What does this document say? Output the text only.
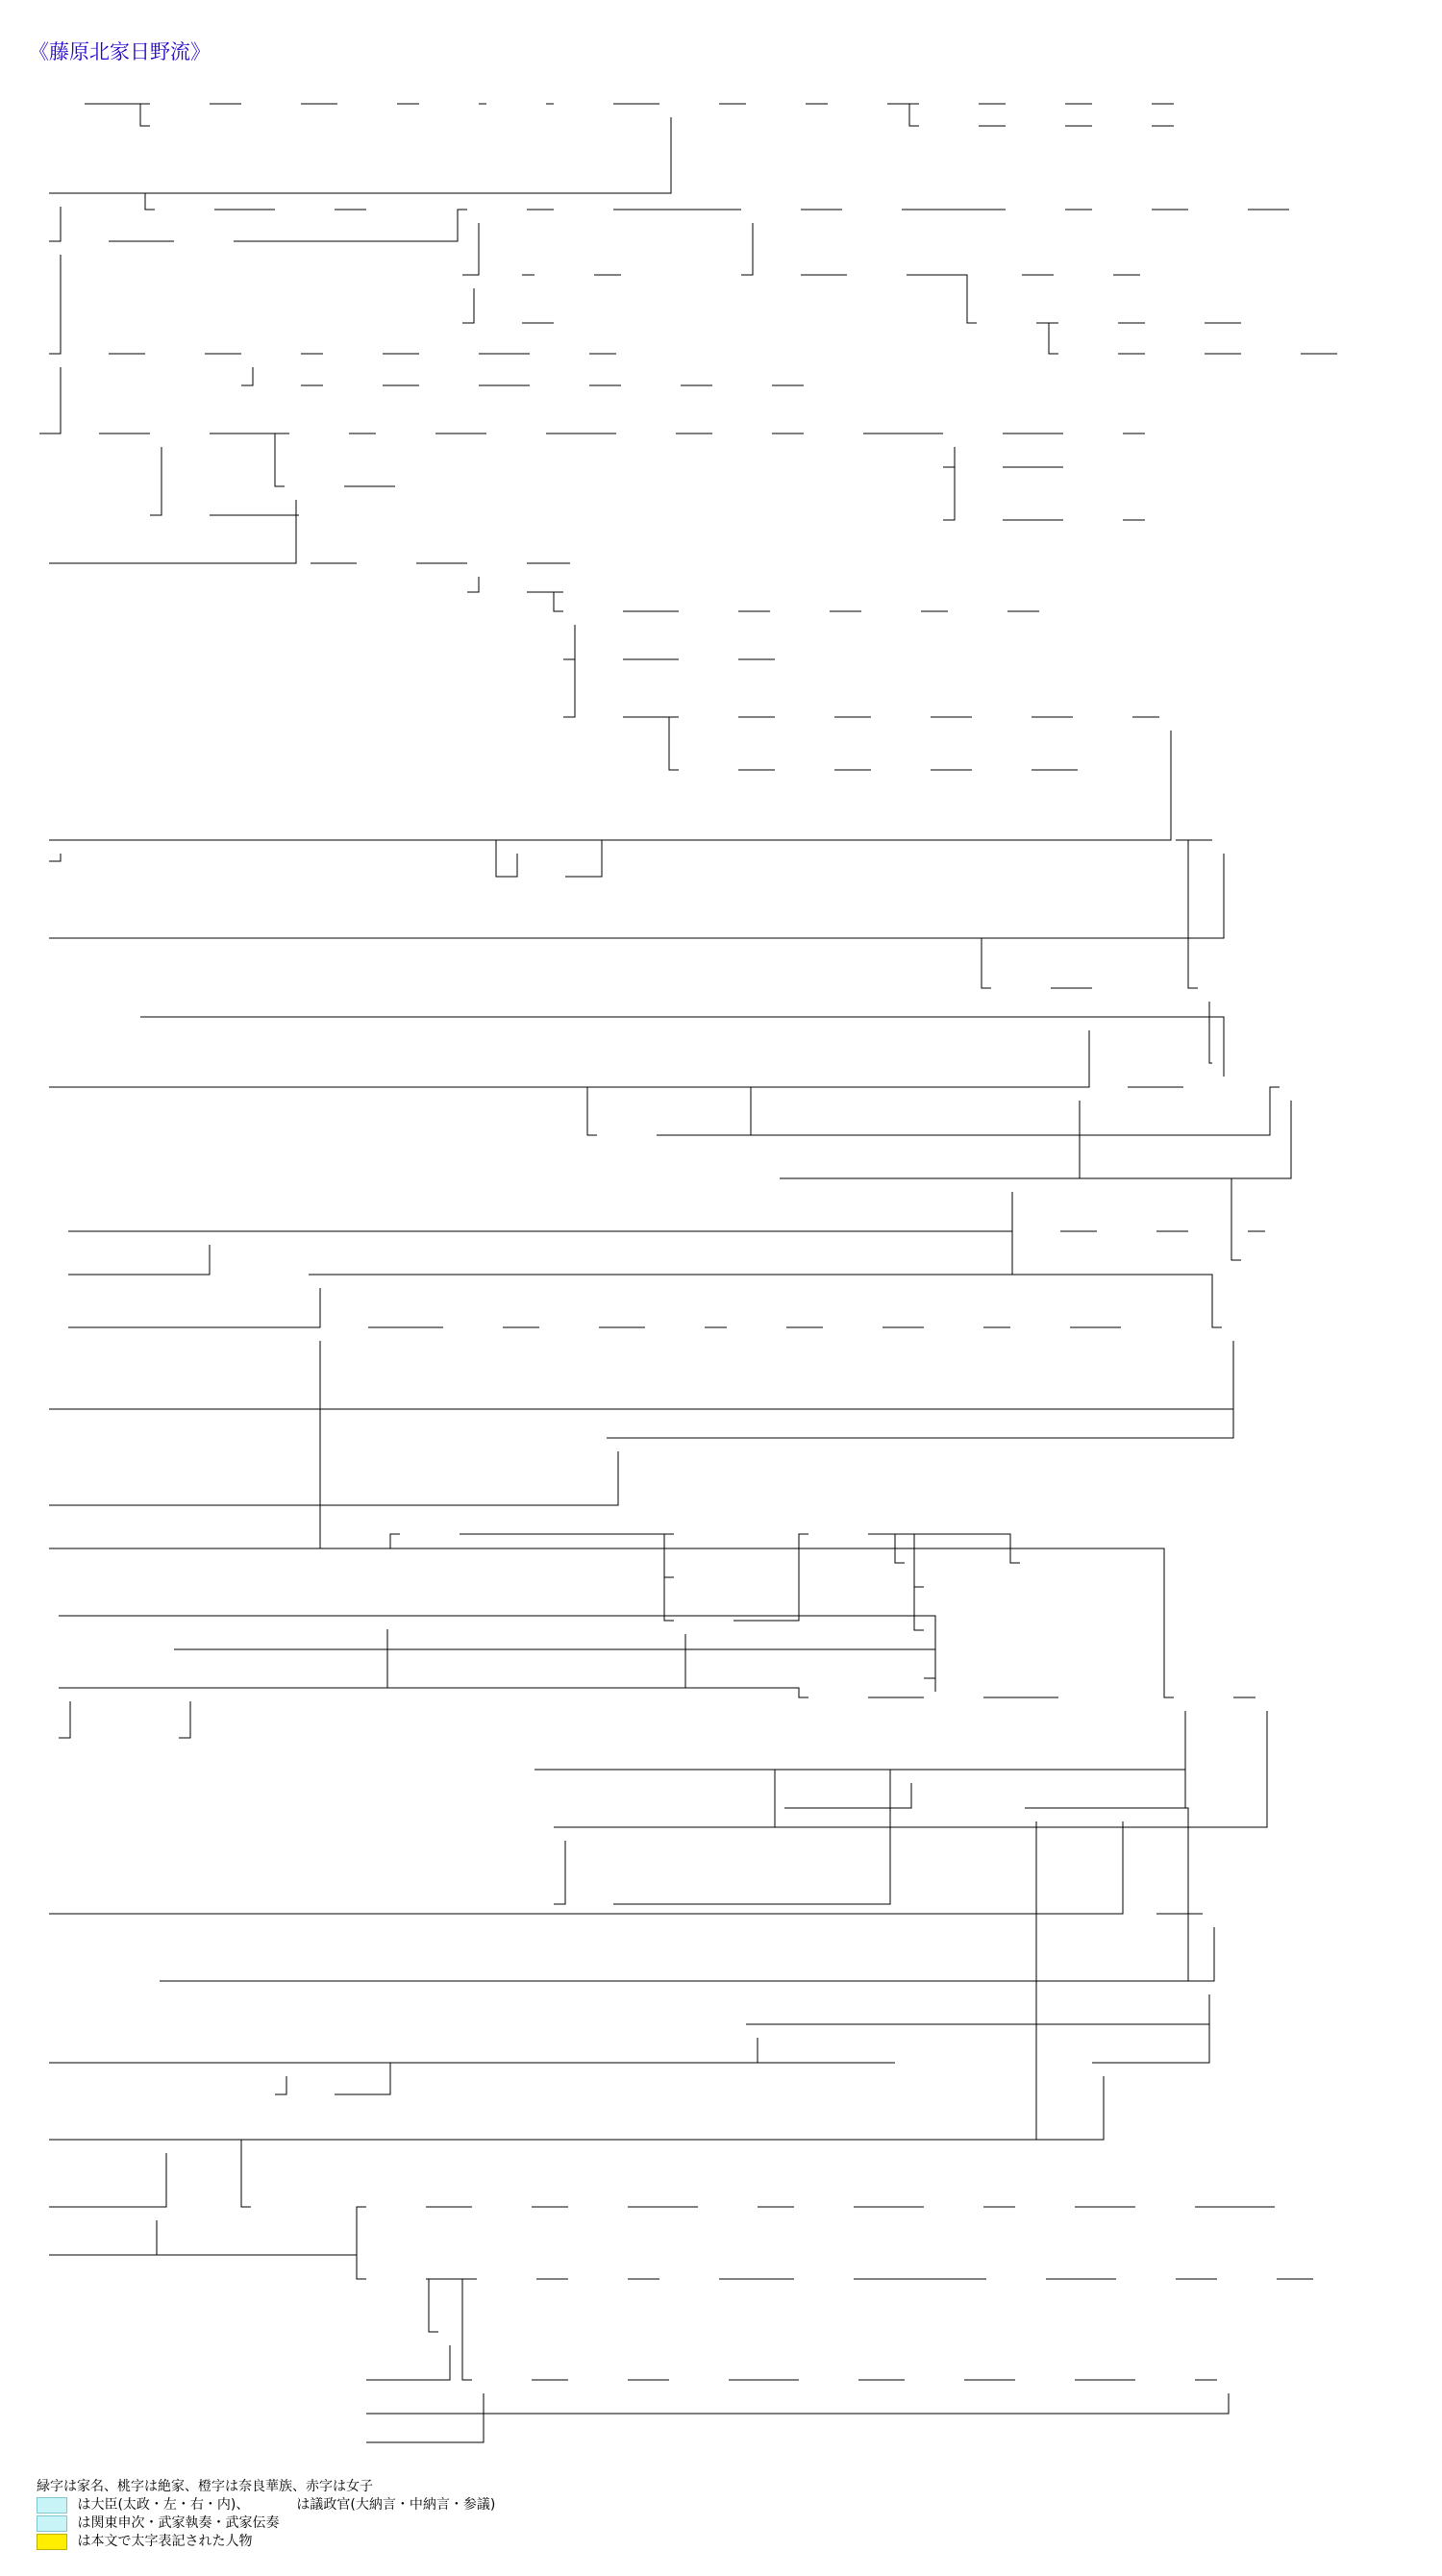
《藤原北家日野流》
緑字は家名、桃字は絶家、橙字は奈良華族、赤字は女子
は大臣(太政・左・右・内)、　　　　は議政官(大納言・中納言・参議)
は関東申次・武家執奏・武家伝奏
は本文で太字表記された人物
